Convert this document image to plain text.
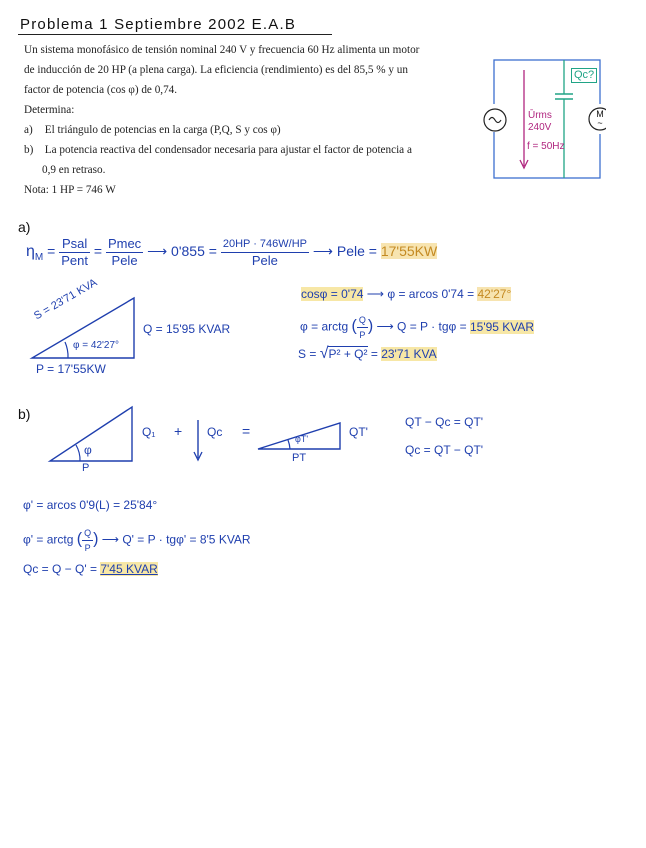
Problema 1 Septiembre 2002 E.A.B
Un sistema monofásico de tensión nominal 240 V y frecuencia 60 Hz alimenta un motor
de inducción de 20 HP (a plena carga). La eficiencia (rendimiento) es del 85,5 % y un
factor de potencia (cos φ) de 0,74.
Determina:
a) El triángulo de potencias en la carga (P,Q, S y cos φ)
b) La potencia reactiva del condensador necesaria para ajustar el factor de potencia a
0,9 en retraso.
Nota: 1 HP = 746 W
Qc?
Ūrms
240V
f = 50Hz
M
~
a)
$\eta_M = \frac{\text{Psal}}{\text{Pent}} = \frac{\text{Pmec}}{\text{Pele}}$ ⟶ $0'855 = \frac{20HP \cdot 746W/HP}{\text{Pele}}$ ⟶ Pele = 17'55KW
S = 23'71 KVA
φ = 42'27°
Q = 15'95 KVAR
P = 17'55KW
cosφ = 0'74 ⟶ φ = arcos 0'74 = 42'27°
φ = arctg ( $\frac{Q}{P}$ ) ⟶ Q = P · tgφ = 15'95 KVAR
S = √P² + Q² = 23'71 KVA
b)
φ
P
Q₁ + Qc =	φT'
PT
QT'
QT − Qc = QT'
Qc = QT − QT'
φ' = arcos 0'9(L) = 25'84°
φ' = arctg ( $\frac{Q}{P}$ ) ⟶ Q' = P · tgφ' = 8'5 KVAR
Qc = Q − Q' = 7'45 KVAR
